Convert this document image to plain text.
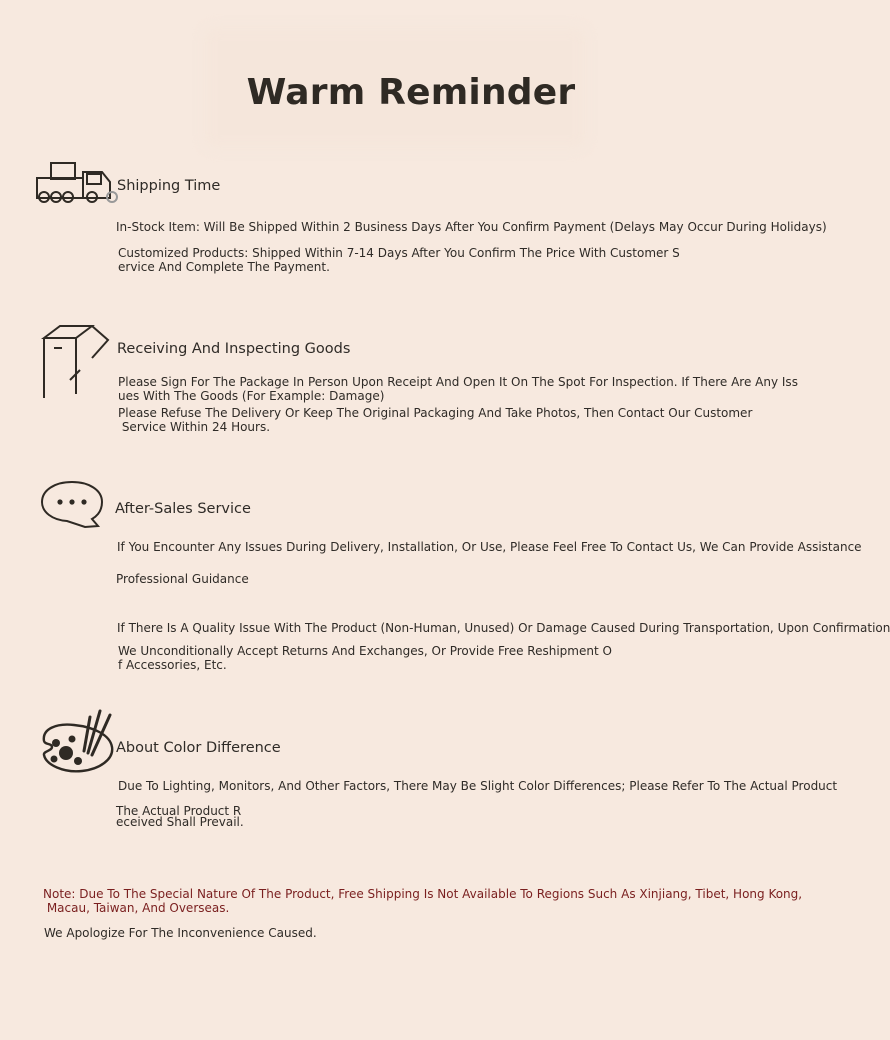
Warm Reminder
Shipping Time
In-Stock Item: Will Be Shipped Within 2 Business Days After You Confirm Payment (Delays May Occur During Holidays)
Customized Products: Shipped Within 7-14 Days After You Confirm The Price With Customer S
ervice And Complete The Payment.
Receiving And Inspecting Goods
Please Sign For The Package In Person Upon Receipt And Open It On The Spot For Inspection. If There Are Any Iss
ues With The Goods (For Example: Damage)
Please Refuse The Delivery Or Keep The Original Packaging And Take Photos, Then Contact Our Customer
Service Within 24 Hours.
After-Sales Service
If You Encounter Any Issues During Delivery, Installation, Or Use, Please Feel Free To Contact Us, We Can Provide Assistance
Professional Guidance
If There Is A Quality Issue With The Product (Non-Human, Unused) Or Damage Caused During Transportation, Upon Confirmation
We Unconditionally Accept Returns And Exchanges, Or Provide Free Reshipment O
f Accessories, Etc.
About Color Difference
Due To Lighting, Monitors, And Other Factors, There May Be Slight Color Differences; Please Refer To The Actual Product
The Actual Product R
eceived Shall Prevail.
Note: Due To The Special Nature Of The Product, Free Shipping Is Not Available To Regions Such As Xinjiang, Tibet, Hong Kong,
Macau, Taiwan, And Overseas.
We Apologize For The Inconvenience Caused.
